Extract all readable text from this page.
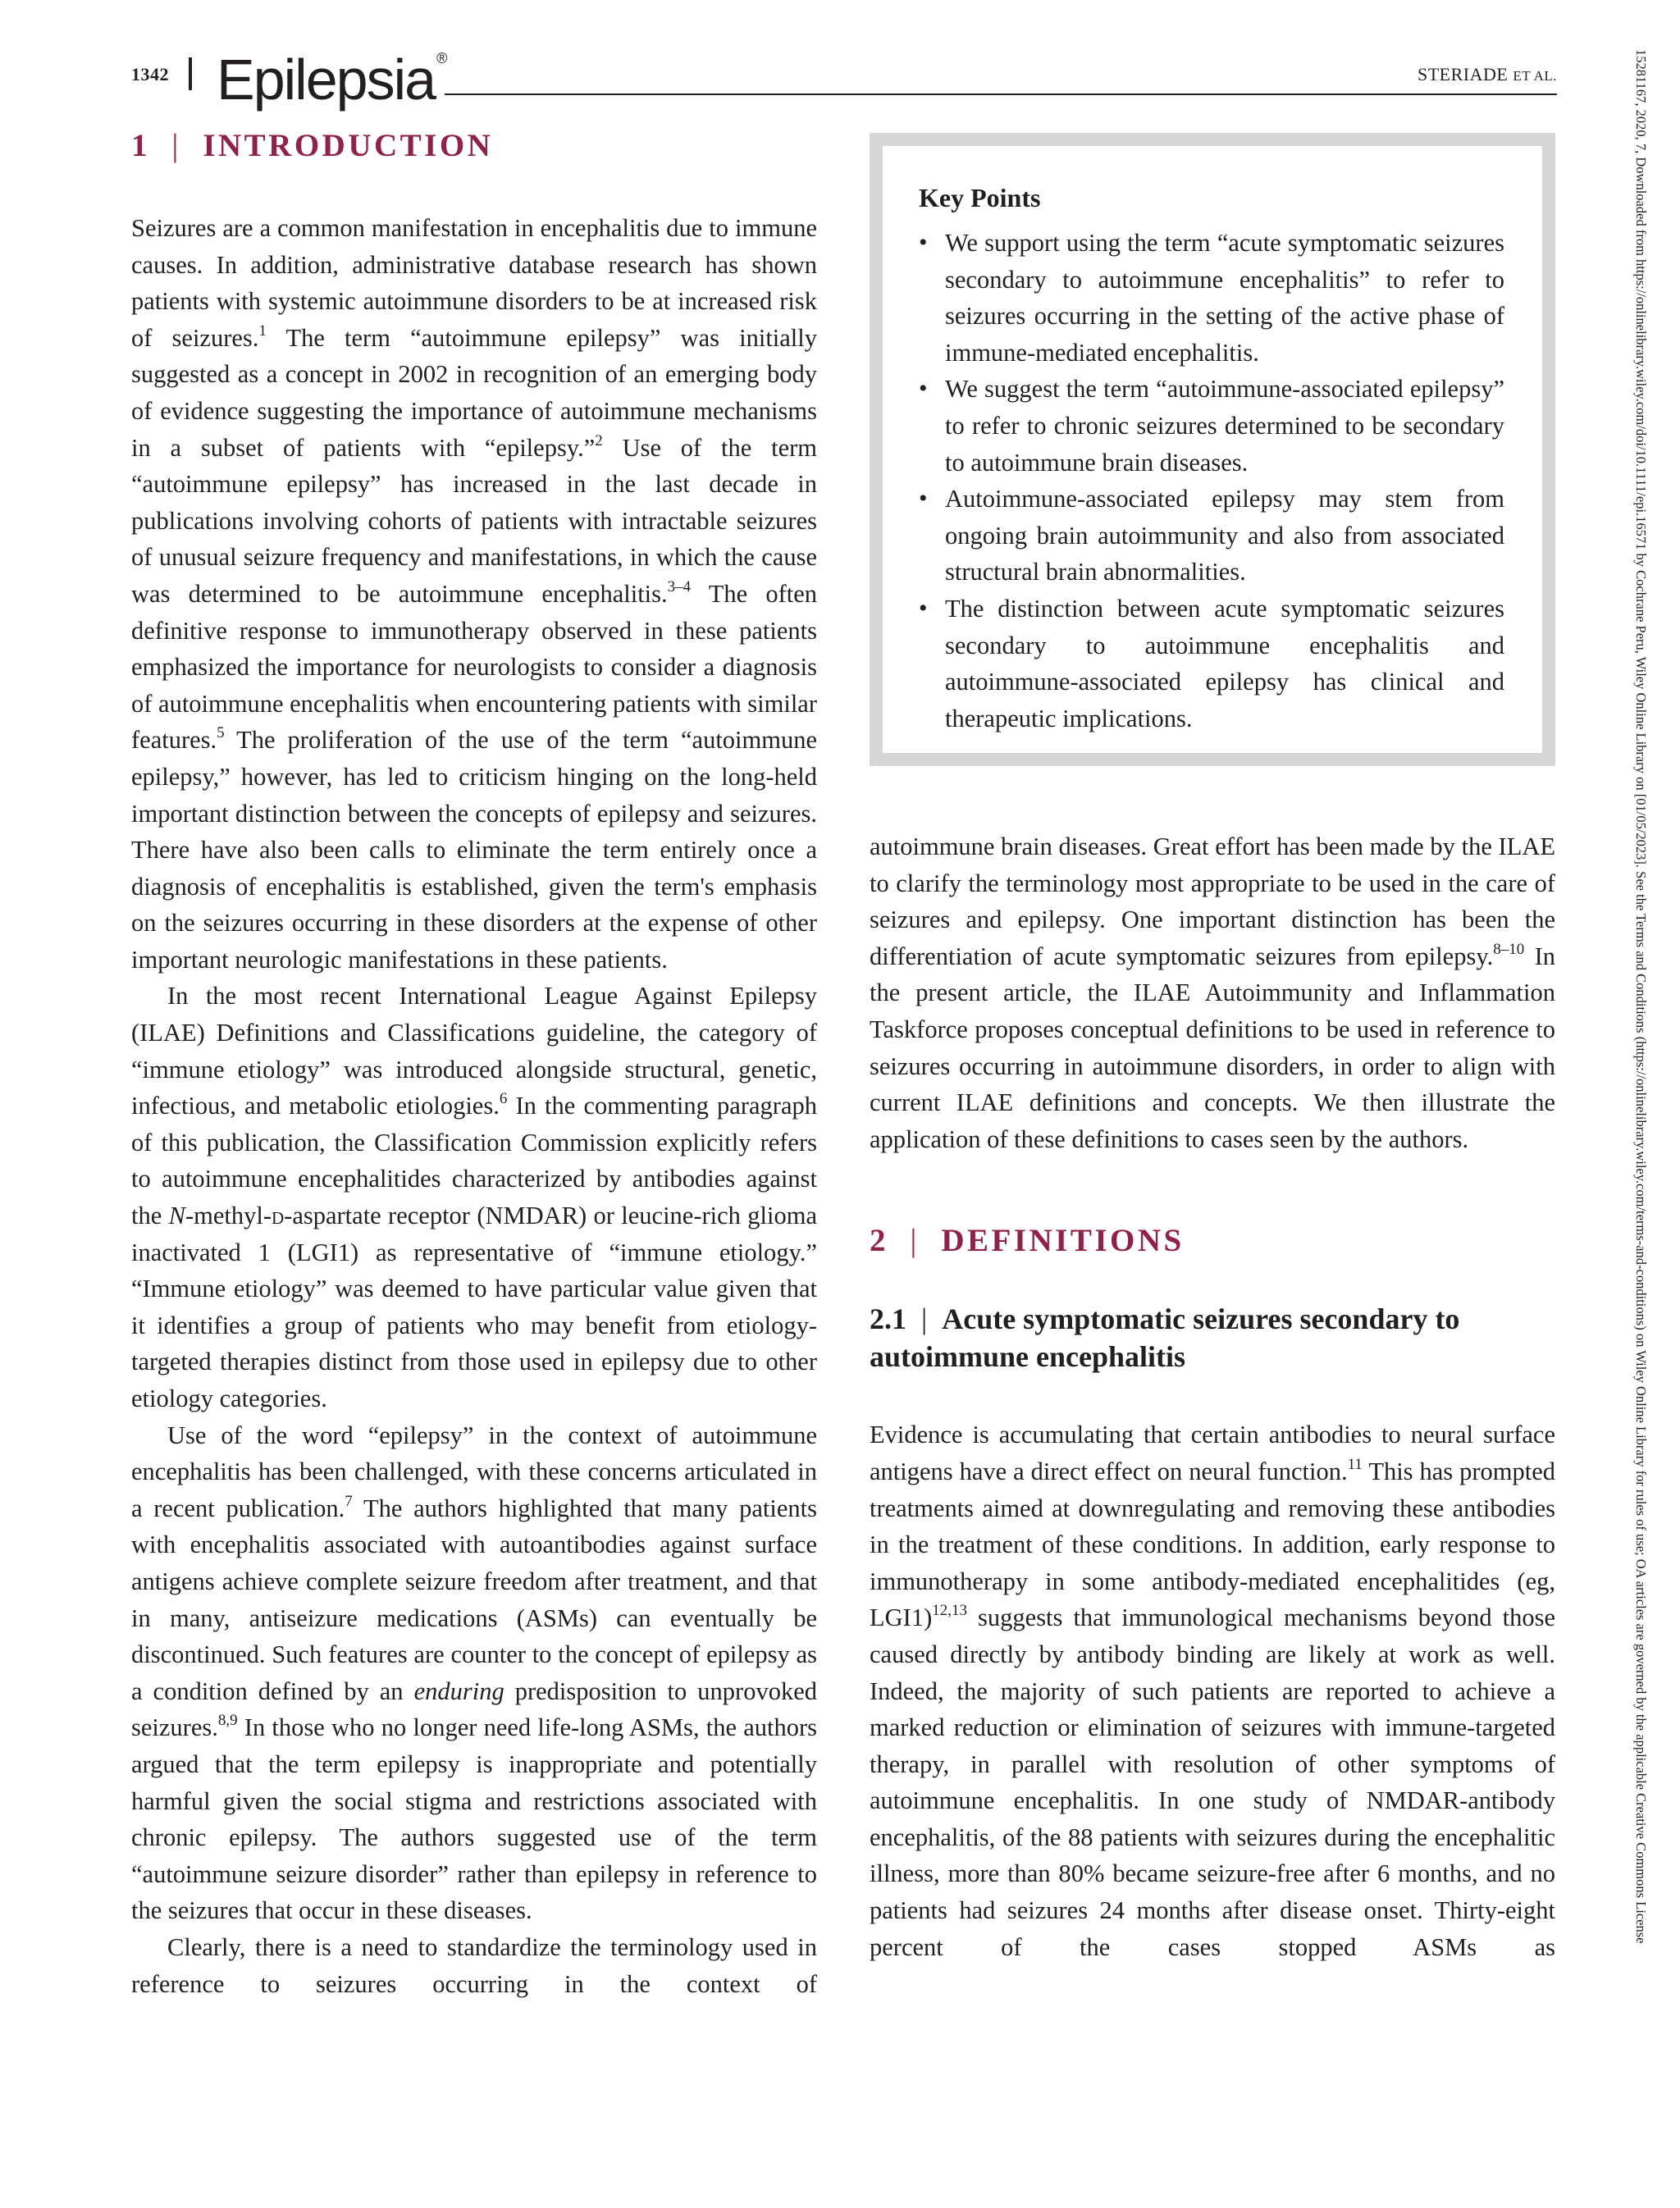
1342 Epilepsia ®
STERIADE ET AL.	15281167, 2020, 7, Downloaded from https://onlinelibrary.wiley.com/doi/10.1111/epi.16571 by Cochrane Peru, Wiley Online Library on [01/05/2023]. See the Terms and Conditions (https://onlinelibrary.wiley.com/terms-and-conditions) on Wiley Online Library for rules of use; OA articles are governed by the applicable Creative Commons License
1 | INTRODUCTION

Seizures are a common manifestation in encephalitis due to immune causes. In addition, administrative database research has shown patients with systemic autoimmune disorders to be at increased risk of seizures.$^1$ The term “autoimmune epilepsy” was initially suggested as a concept in 2002 in recognition of an emerging body of evidence suggesting the importance of autoimmune mechanisms in a subset of patients with “epilepsy.”$^2$ Use of the term “autoimmune epilepsy” has increased in the last decade in publications involving cohorts of patients with intractable seizures of unusual seizure frequency and manifestations, in which the cause was determined to be autoimmune encephalitis.$^{3-4}$ The often definitive response to immunotherapy observed in these patients emphasized the importance for neurologists to consider a diagnosis of autoimmune encephalitis when encountering patients with similar features.$^5$ The proliferation of the use of the term “autoimmune epilepsy,” however, has led to criticism hinging on the long-held important distinction between the concepts of epilepsy and seizures. There have also been calls to eliminate the term entirely once a diagnosis of encephalitis is established, given the term's emphasis on the seizures occurring in these disorders at the expense of other important neurologic manifestations in these patients.

In the most recent International League Against Epilepsy (ILAE) Definitions and Classifications guideline, the category of “immune etiology” was introduced alongside structural, genetic, infectious, and metabolic etiologies.$^6$ In the commenting paragraph of this publication, the Classification Commission explicitly refers to autoimmune encephalitides characterized by antibodies against the N-methyl-d-aspartate receptor (NMDAR) or leucine-rich glioma inactivated 1 (LGI1) as representative of “immune etiology.” “Immune etiology” was deemed to have particular value given that it identifies a group of patients who may benefit from etiology-targeted therapies distinct from those used in epilepsy due to other etiology categories.

Use of the word “epilepsy” in the context of autoimmune encephalitis has been challenged, with these concerns articulated in a recent publication.$^7$ The authors highlighted that many patients with encephalitis associated with autoantibodies against surface antigens achieve complete seizure freedom after treatment, and that in many, antiseizure medications (ASMs) can eventually be discontinued. Such features are counter to the concept of epilepsy as a condition defined by an enduring predisposition to unprovoked seizures.$^{8,9}$ In those who no longer need life-long ASMs, the authors argued that the term epilepsy is inappropriate and potentially harmful given the social stigma and restrictions associated with chronic epilepsy. The authors suggested use of the term “autoimmune seizure disorder” rather than epilepsy in reference to the seizures that occur in these diseases.

Clearly, there is a need to standardize the terminology used in reference to seizures occurring in the context of

Key Points
• We support using the term “acute symptomatic seizures secondary to autoimmune encephalitis” to refer to seizures occurring in the setting of the active phase of immune-mediated encephalitis.
• We suggest the term “autoimmune-associated epilepsy” to refer to chronic seizures determined to be secondary to autoimmune brain diseases.
• Autoimmune-associated epilepsy may stem from ongoing brain autoimmunity and also from associated structural brain abnormalities.
• The distinction between acute symptomatic seizures secondary to autoimmune encephalitis and autoimmune-associated epilepsy has clinical and therapeutic implications.

autoimmune brain diseases. Great effort has been made by the ILAE to clarify the terminology most appropriate to be used in the care of seizures and epilepsy. One important distinction has been the differentiation of acute symptomatic seizures from epilepsy.$^{8-10}$ In the present article, the ILAE Autoimmunity and Inflammation Taskforce proposes conceptual definitions to be used in reference to seizures occurring in autoimmune disorders, in order to align with current ILAE definitions and concepts. We then illustrate the application of these definitions to cases seen by the authors.

2 | DEFINITIONS
2.1 | Acute symptomatic seizures secondary to autoimmune encephalitis

Evidence is accumulating that certain antibodies to neural surface antigens have a direct effect on neural function.$^{11}$ This has prompted treatments aimed at downregulating and removing these antibodies in the treatment of these conditions. In addition, early response to immunotherapy in some antibody-mediated encephalitides (eg, LGI1)$^{12,13}$ suggests that immunological mechanisms beyond those caused directly by antibody binding are likely at work as well. Indeed, the majority of such patients are reported to achieve a marked reduction or elimination of seizures with immune-targeted therapy, in parallel with resolution of other symptoms of autoimmune encephalitis. In one study of NMDAR-antibody encephalitis, of the 88 patients with seizures during the encephalitic illness, more than 80% became seizure-free after 6 months, and no patients had seizures 24 months after disease onset. Thirty-eight percent of the cases stopped ASMs as
